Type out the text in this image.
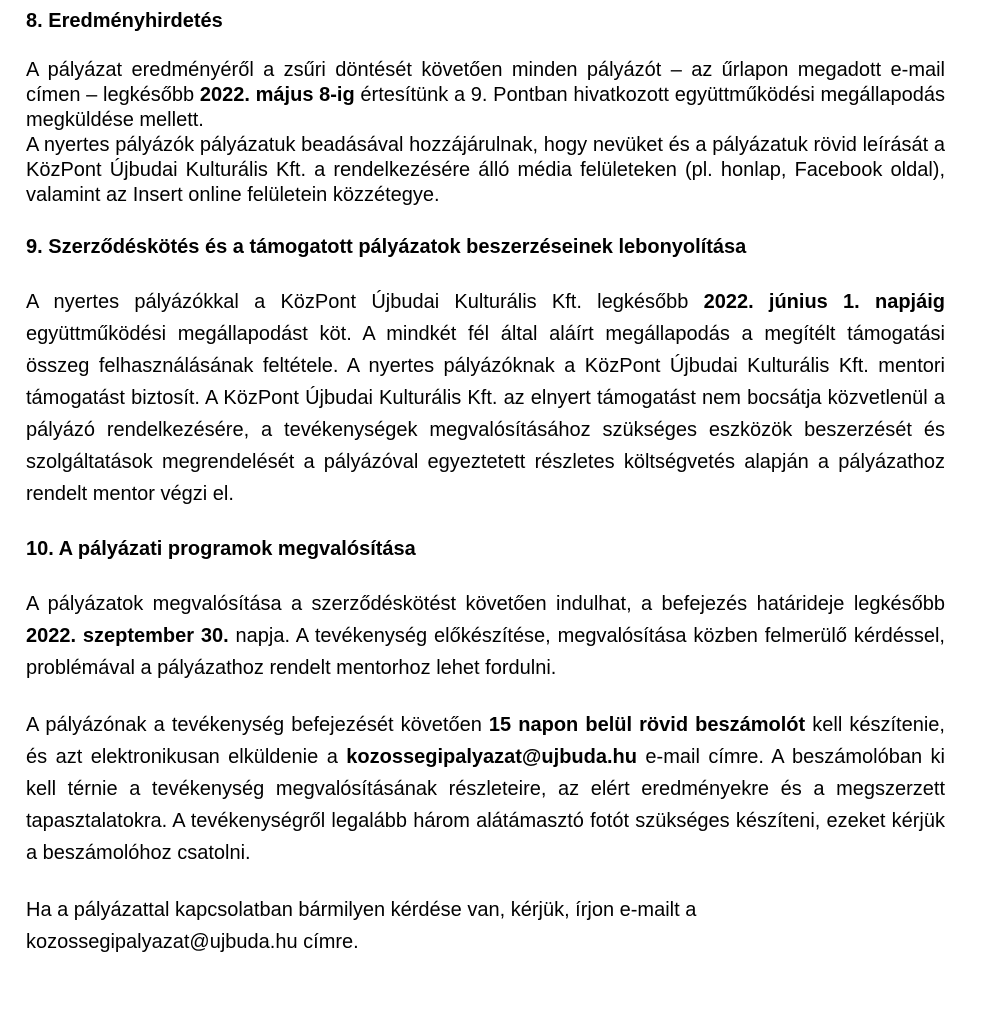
8. Eredményhirdetés

A pályázat eredményéről a zsűri döntését követően minden pályázót – az űrlapon megadott e-mail címen – legkésőbb 2022. május 8-ig értesítünk a 9. Pontban hivatkozott együttműködési megállapodás megküldése mellett.

A nyertes pályázók pályázatuk beadásával hozzájárulnak, hogy nevüket és a pályázatuk rövid leírását a KözPont Újbudai Kulturális Kft. a rendelkezésére álló média felületeken (pl. honlap, Facebook oldal), valamint az Insert online felületein közzétegye.

9. Szerződéskötés és a támogatott pályázatok beszerzéseinek lebonyolítása

A nyertes pályázókkal a KözPont Újbudai Kulturális Kft. legkésőbb 2022. június 1. napjáig együttműködési megállapodást köt. A mindkét fél által aláírt megállapodás a megítélt támogatási összeg felhasználásának feltétele. A nyertes pályázóknak a KözPont Újbudai Kulturális Kft. mentori támogatást biztosít. A KözPont Újbudai Kulturális Kft. az elnyert támogatást nem bocsátja közvetlenül a pályázó rendelkezésére, a tevékenységek megvalósításához szükséges eszközök beszerzését és szolgáltatások megrendelését a pályázóval egyeztetett részletes költségvetés alapján a pályázathoz rendelt mentor végzi el.

10. A pályázati programok megvalósítása

A pályázatok megvalósítása a szerződéskötést követően indulhat, a befejezés határideje legkésőbb 2022. szeptember 30. napja. A tevékenység előkészítése, megvalósítása közben felmerülő kérdéssel, problémával a pályázathoz rendelt mentorhoz lehet fordulni.

A pályázónak a tevékenység befejezését követően 15 napon belül rövid beszámolót kell készítenie, és azt elektronikusan elküldenie a kozossegipalyazat@ujbuda.hu e-mail címre. A beszámolóban ki kell térnie a tevékenység megvalósításának részleteire, az elért eredményekre és a megszerzett tapasztalatokra. A tevékenységről legalább három alátámasztó fotót szükséges készíteni, ezeket kérjük a beszámolóhoz csatolni.

Ha a pályázattal kapcsolatban bármilyen kérdése van, kérjük, írjon e-mailt a kozossegipalyazat@ujbuda.hu címre.
